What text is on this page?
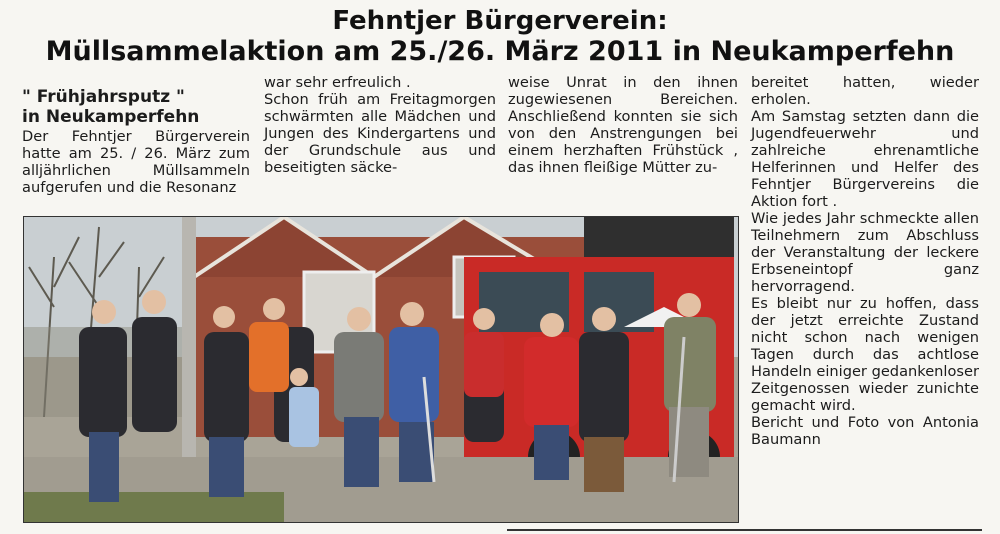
Fehntjer Bürgerverein:
Müllsammelaktion am 25./26. März 2011 in Neukamperfehn
" Frühjahrsputz "
in Neukamperfehn

Der Fehntjer Bürgerverein hatte am 25. / 26. März zum alljährlichen Müllsammeln aufgerufen und die Resonanz

war sehr erfreulich .

Schon früh am Freitagmorgen schwärmten alle Mädchen und Jungen des Kindergartens und der Grundschule aus und beseitigten säcke-

weise Unrat in den ihnen zugewiesenen Bereichen. Anschließend konnten sie sich von den Anstrengungen bei einem herzhaften Frühstück , das ihnen fleißige Mütter zu-

bereitet hatten, wieder erholen.

Am Samstag setzten dann die Jugendfeuerwehr und zahlreiche ehrenamtliche Helferinnen und Helfer des Fehntjer Bürgervereins die Aktion fort .

Wie jedes Jahr schmeckte allen Teilnehmern zum Abschluss der Veranstaltung der leckere Erbseneintopf ganz hervorragend.

Es bleibt nur zu hoffen, dass der jetzt erreichte Zustand nicht schon nach wenigen Tagen durch das achtlose Handeln einiger gedankenloser Zeitgenossen wieder zunichte gemacht wird.

Bericht und Foto von Antonia Baumann
